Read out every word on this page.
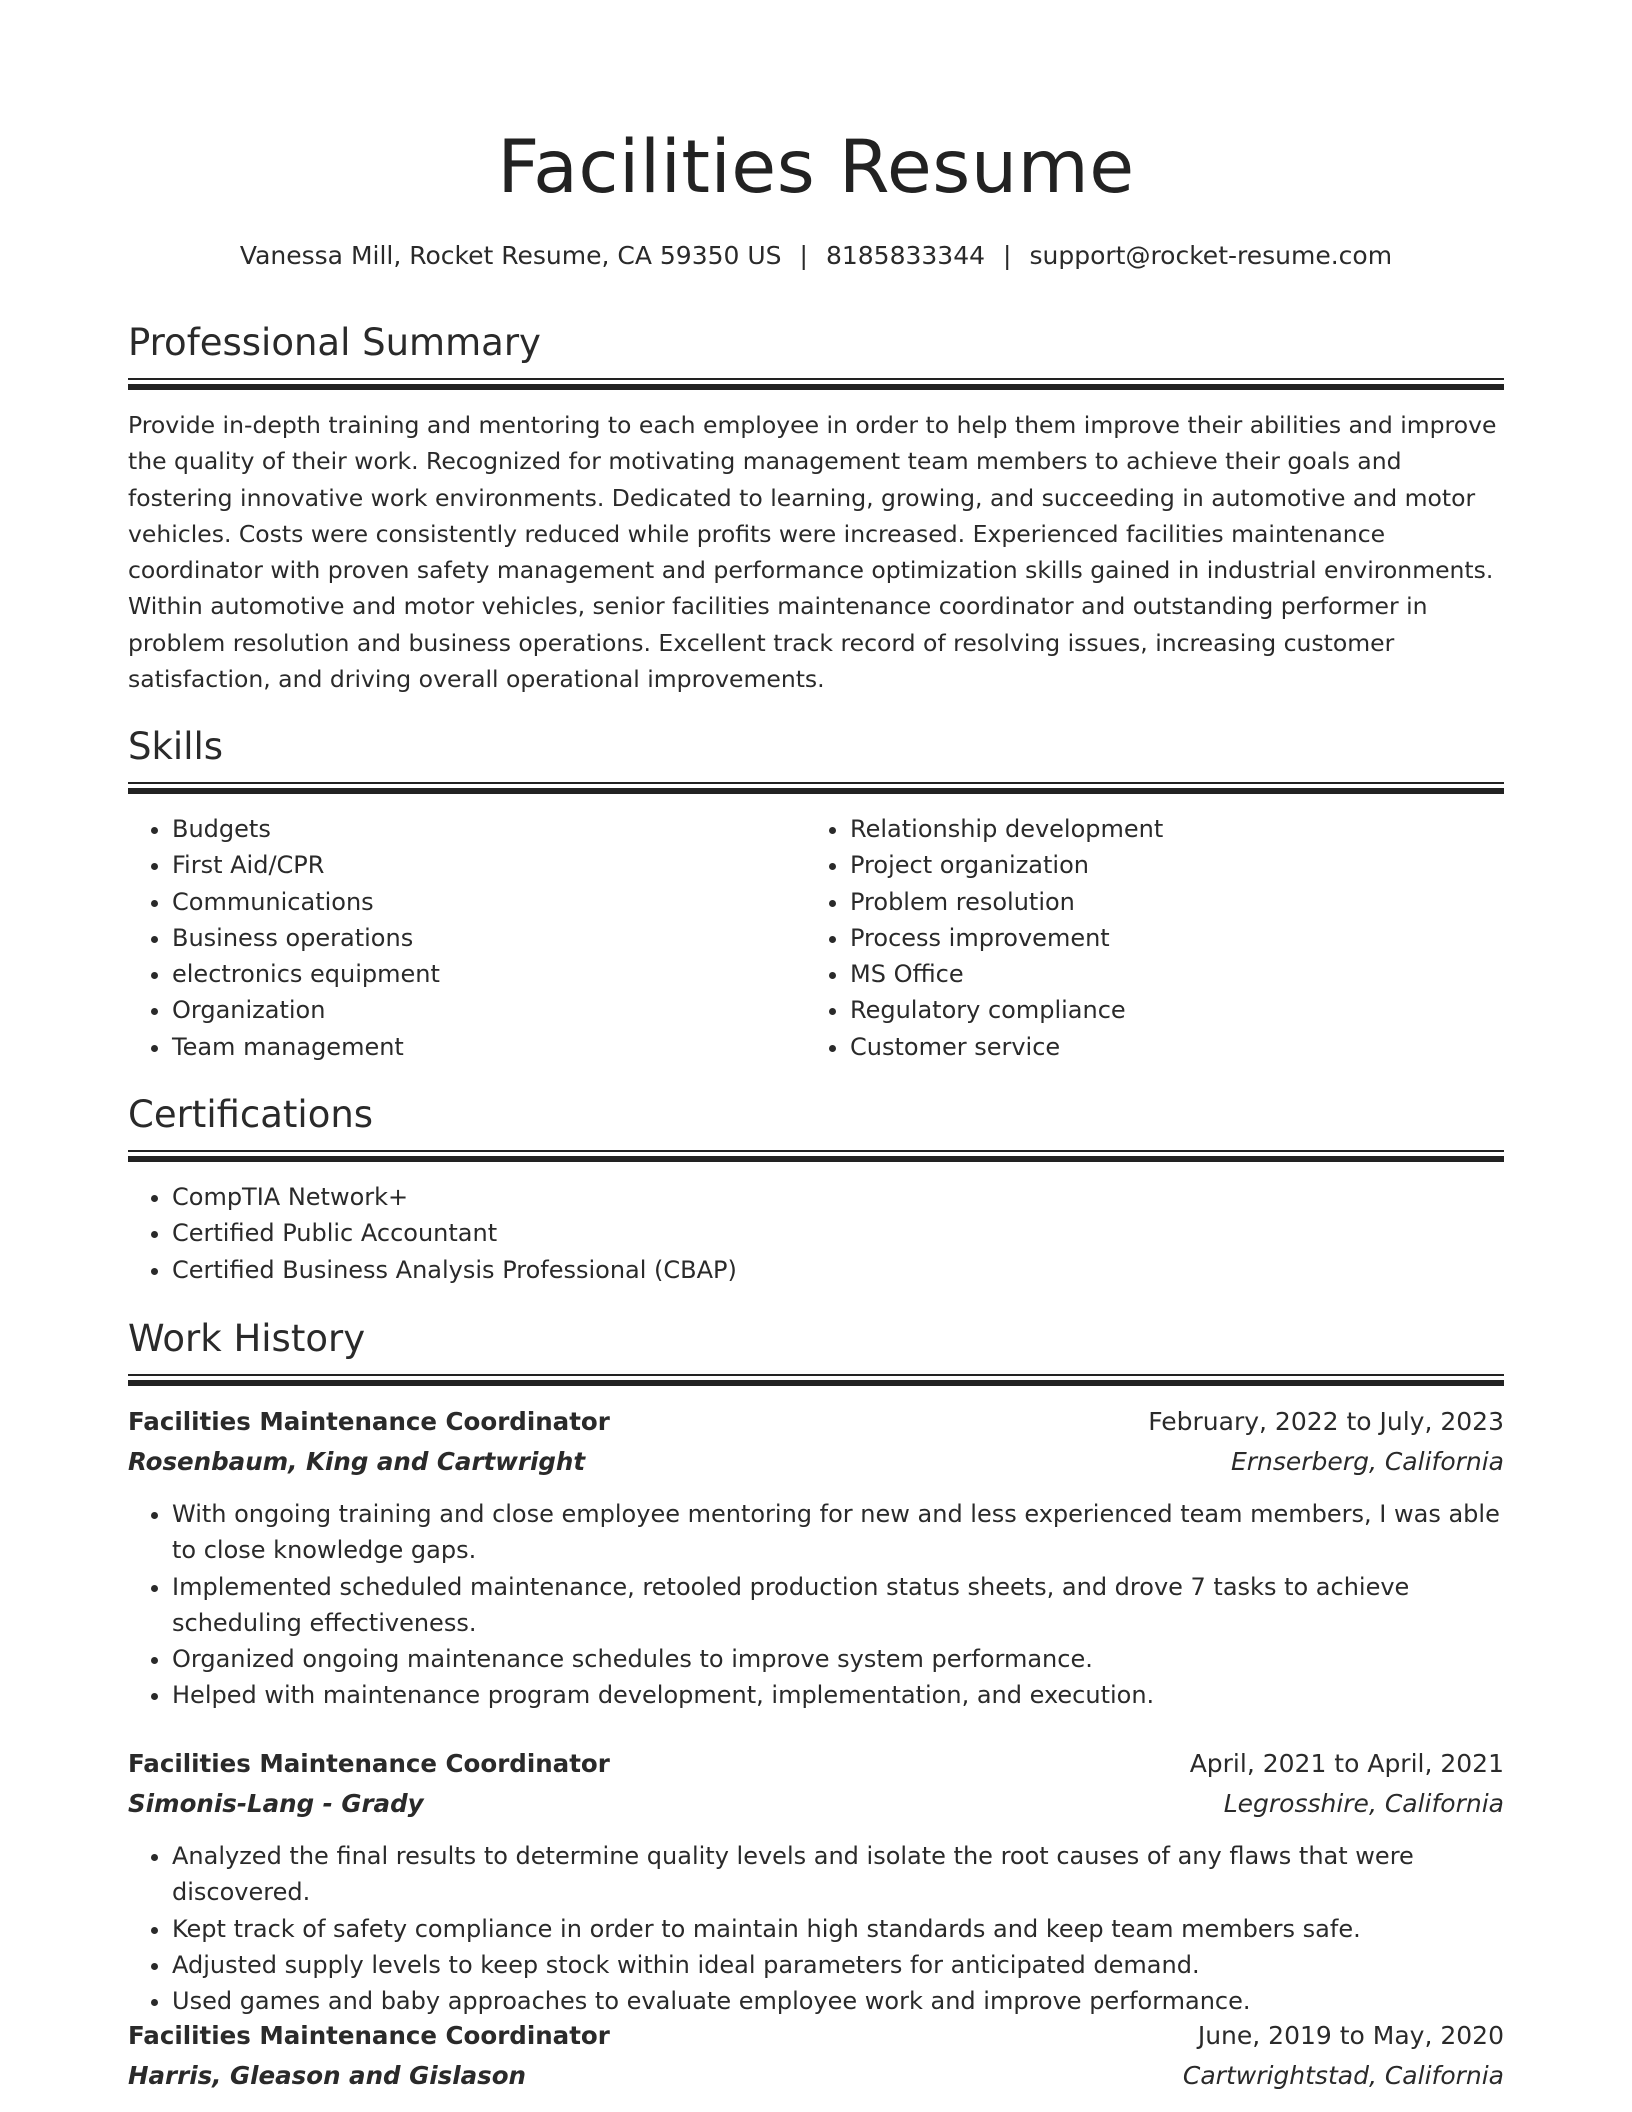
Facilities Resume
Vanessa Mill, Rocket Resume, CA 59350 US | 8185833344 | support@rocket-resume.com
Professional Summary

Provide in-depth training and mentoring to each employee in order to help them improve their abilities and improve the quality of their work. Recognized for motivating management team members to achieve their goals and fostering innovative work environments. Dedicated to learning, growing, and succeeding in automotive and motor vehicles. Costs were consistently reduced while profits were increased. Experienced facilities maintenance coordinator with proven safety management and performance optimization skills gained in industrial environments. Within automotive and motor vehicles, senior facilities maintenance coordinator and outstanding performer in problem resolution and business operations. Excellent track record of resolving issues, increasing customer satisfaction, and driving overall operational improvements.

Skills
• Budgets
• First Aid/CPR
• Communications
• Business operations
• electronics equipment
• Organization
• Team management
• Relationship development
• Project organization
• Problem resolution
• Process improvement
• MS Office
• Regulatory compliance
• Customer service
Certifications
• CompTIA Network+
• Certified Public Accountant
• Certified Business Analysis Professional (CBAP)
Work History
Facilities Maintenance Coordinator	February, 2022 to July, 2023
Rosenbaum, King and Cartwright	Ernserberg, California
• With ongoing training and close employee mentoring for new and less experienced team members, I was able to close knowledge gaps.
• Implemented scheduled maintenance, retooled production status sheets, and drove 7 tasks to achieve scheduling effectiveness.
• Organized ongoing maintenance schedules to improve system performance.
• Helped with maintenance program development, implementation, and execution.
Facilities Maintenance Coordinator	April, 2021 to April, 2021
Simonis-Lang - Grady	Legrosshire, California
• Analyzed the final results to determine quality levels and isolate the root causes of any flaws that were discovered.
• Kept track of safety compliance in order to maintain high standards and keep team members safe.
• Adjusted supply levels to keep stock within ideal parameters for anticipated demand.
• Used games and baby approaches to evaluate employee work and improve performance.
Facilities Maintenance Coordinator	June, 2019 to May, 2020
Harris, Gleason and Gislason	Cartwrightstad, California
